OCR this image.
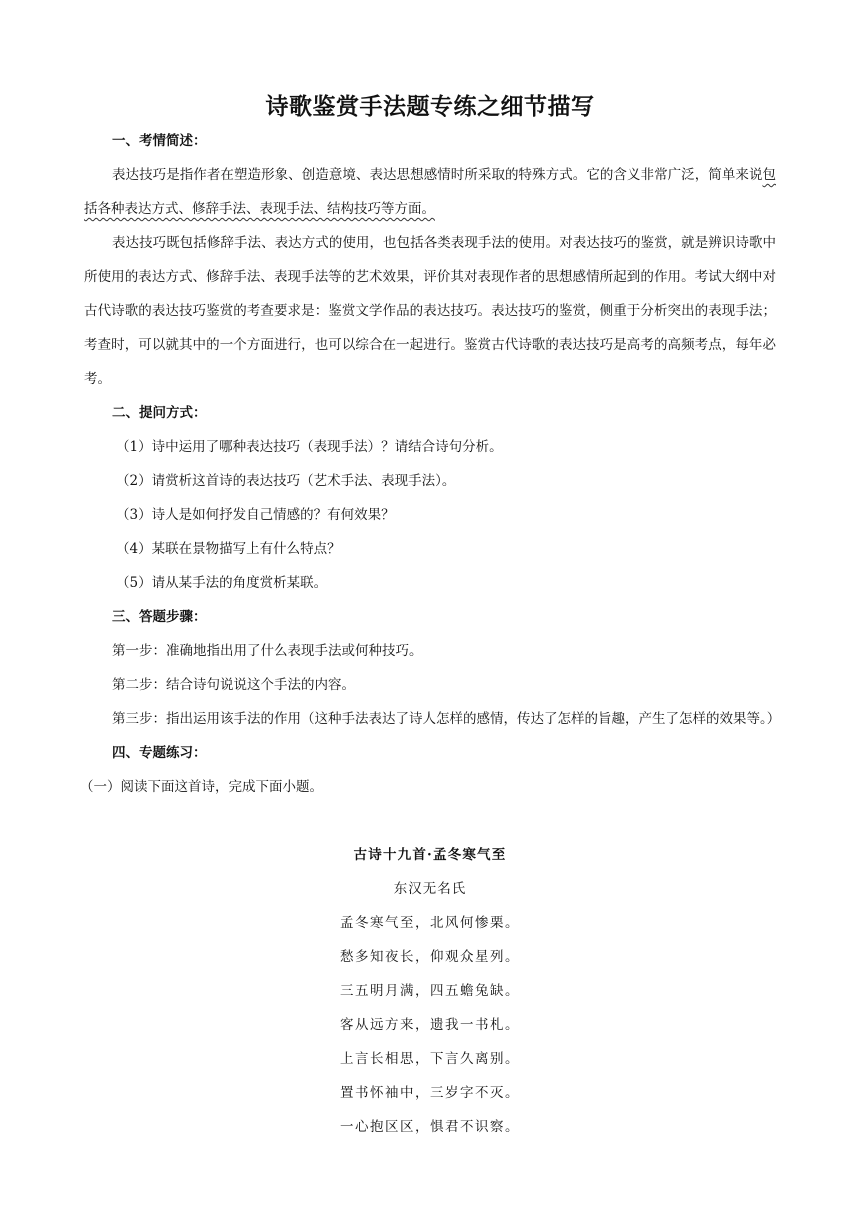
诗歌鉴赏手法题专练之细节描写

一、考情简述：

表达技巧是指作者在塑造形象、创造意境、表达思想感情时所采取的特殊方式。它的含义非常广泛，简单来说包括各种表达方式、修辞手法、表现手法、结构技巧等方面。

表达技巧既包括修辞手法、表达方式的使用，也包括各类表现手法的使用。对表达技巧的鉴赏，就是辨识诗歌中所使用的表达方式、修辞手法、表现手法等的艺术效果，评价其对表现作者的思想感情所起到的作用。考试大纲中对古代诗歌的表达技巧鉴赏的考查要求是：鉴赏文学作品的表达技巧。表达技巧的鉴赏，侧重于分析突出的表现手法；考查时，可以就其中的一个方面进行，也可以综合在一起进行。鉴赏古代诗歌的表达技巧是高考的高频考点，每年必考。

二、提问方式：

（1）诗中运用了哪种表达技巧（表现手法）？请结合诗句分析。

（2）请赏析这首诗的表达技巧（艺术手法、表现手法）。

（3）诗人是如何抒发自己情感的？有何效果？

（4）某联在景物描写上有什么特点？

（5）请从某手法的角度赏析某联。

三、答题步骤：

第一步：准确地指出用了什么表现手法或何种技巧。

第二步：结合诗句说说这个手法的内容。

第三步：指出运用该手法的作用（这种手法表达了诗人怎样的感情，传达了怎样的旨趣，产生了怎样的效果等。）

四、专题练习：

（一）阅读下面这首诗，完成下面小题。

古诗十九首·孟冬寒气至

东汉无名氏

孟冬寒气至，北风何惨栗。

愁多知夜长，仰观众星列。

三五明月满，四五蟾兔缺。

客从远方来，遗我一书札。

上言长相思，下言久离别。

置书怀袖中，三岁字不灭。

一心抱区区，惧君不识察。
